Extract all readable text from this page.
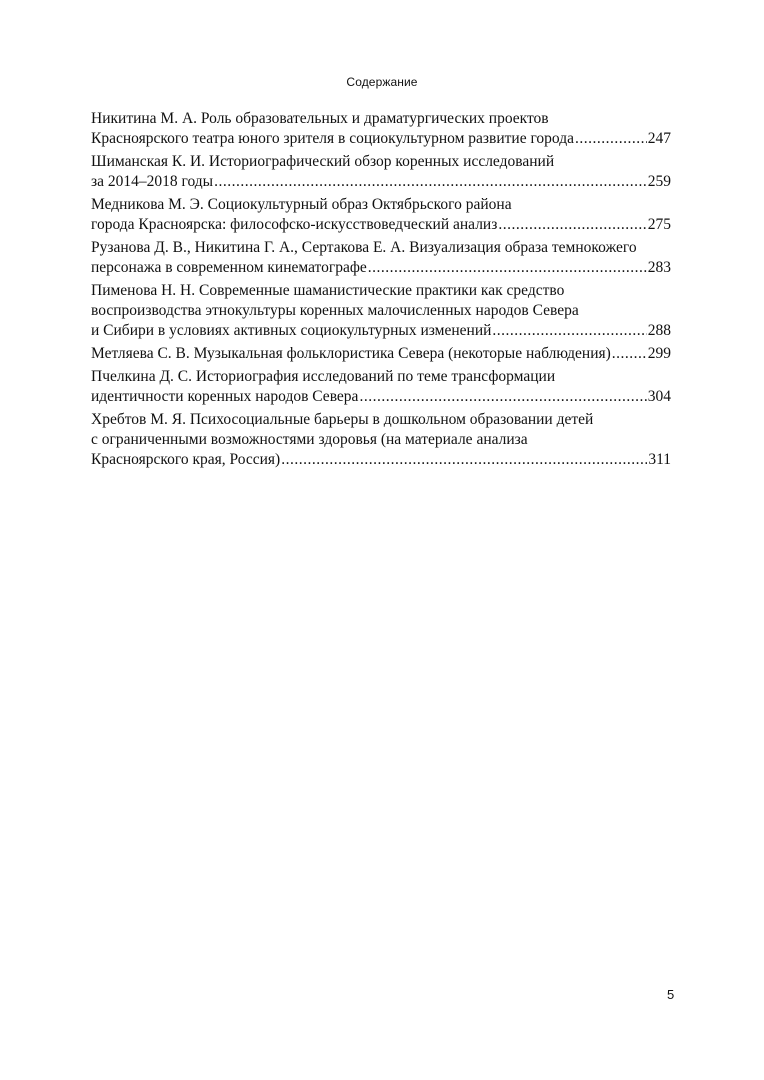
Содержание
Никитина М. А. Роль образовательных и драматургических проектов
Красноярского театра юного зрителя в социокультурном развитие города .....	247
Шиманская К. И. Историографический обзор коренных исследований
за 2014–2018 годы .....	259
Медникова М. Э. Социокультурный образ Октябрьского района
города Красноярска: философско-искусствоведческий анализ .....	275
Рузанова Д. В., Никитина Г. А., Сертакова Е. А. Визуализация образа темнокожего
персонажа в современном кинематографе .....	283
Пименова Н. Н. Современные шаманистические практики как средство
воспроизводства этнокультуры коренных малочисленных народов Севера
и Сибири в условиях активных социокультурных изменений .....	288
Метляева С. В. Музыкальная фольклористика Севера (некоторые наблюдения) ..... 299
Пчелкина Д. С. Историография исследований по теме трансформации
идентичности коренных народов Севера .....	304
Хребтов М. Я. Психосоциальные барьеры в дошкольном образовании детей
с ограниченными возможностями здоровья (на материале анализа
Красноярского края, Россия) .....	311
5
